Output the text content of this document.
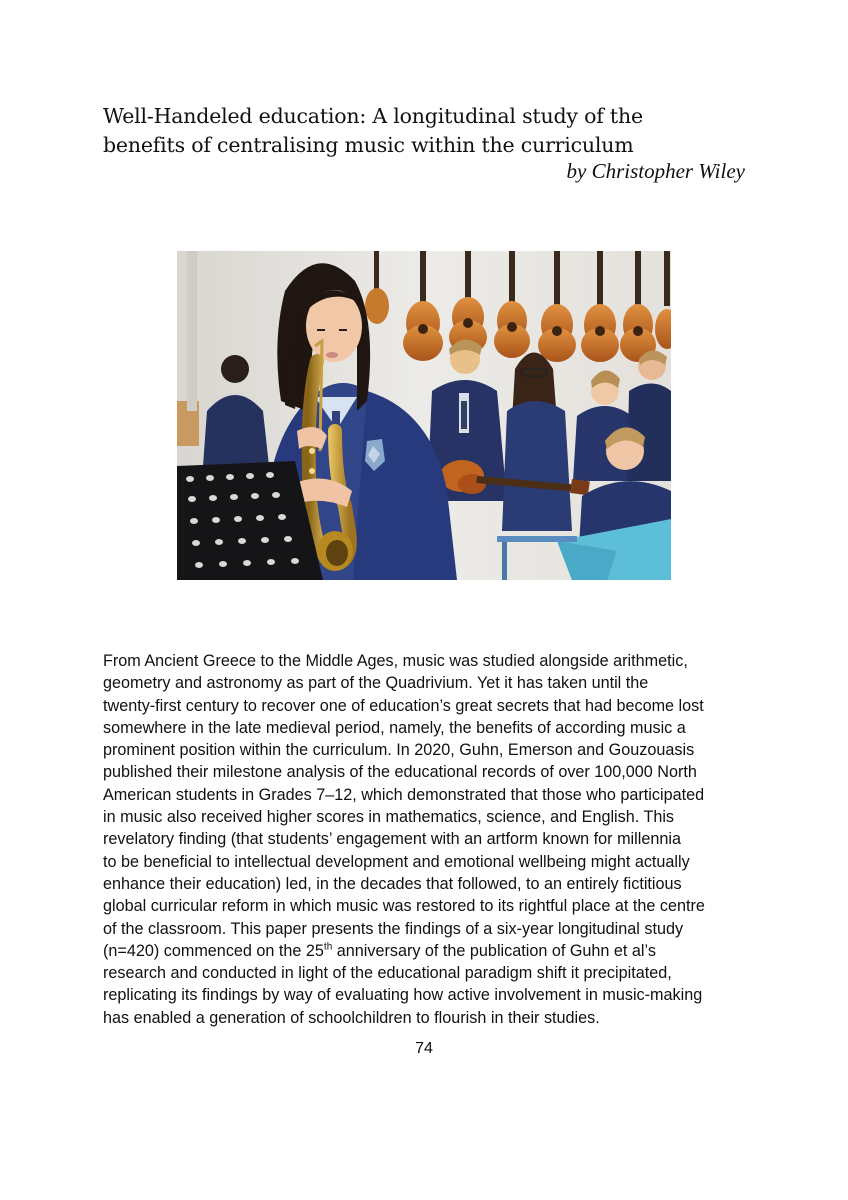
Well-Handeled education: A longitudinal study of the
benefits of centralising music within the curriculum
by Christopher Wiley
From Ancient Greece to the Middle Ages, music was studied alongside arithmetic,
geometry and astronomy as part of the Quadrivium. Yet it has taken until the
twenty-first century to recover one of education’s great secrets that had become lost
somewhere in the late medieval period, namely, the benefits of according music a
prominent position within the curriculum. In 2020, Guhn, Emerson and Gouzouasis
published their milestone analysis of the educational records of over 100,000 North
American students in Grades 7–12, which demonstrated that those who participated
in music also received higher scores in mathematics, science, and English. This
revelatory finding (that students’ engagement with an artform known for millennia
to be beneficial to intellectual development and emotional wellbeing might actually
enhance their education) led, in the decades that followed, to an entirely fictitious
global curricular reform in which music was restored to its rightful place at the centre
of the classroom. This paper presents the findings of a six-year longitudinal study
(n=420) commenced on the 25th anniversary of the publication of Guhn et al’s
research and conducted in light of the educational paradigm shift it precipitated,
replicating its findings by way of evaluating how active involvement in music-making
has enabled a generation of schoolchildren to flourish in their studies.
74
